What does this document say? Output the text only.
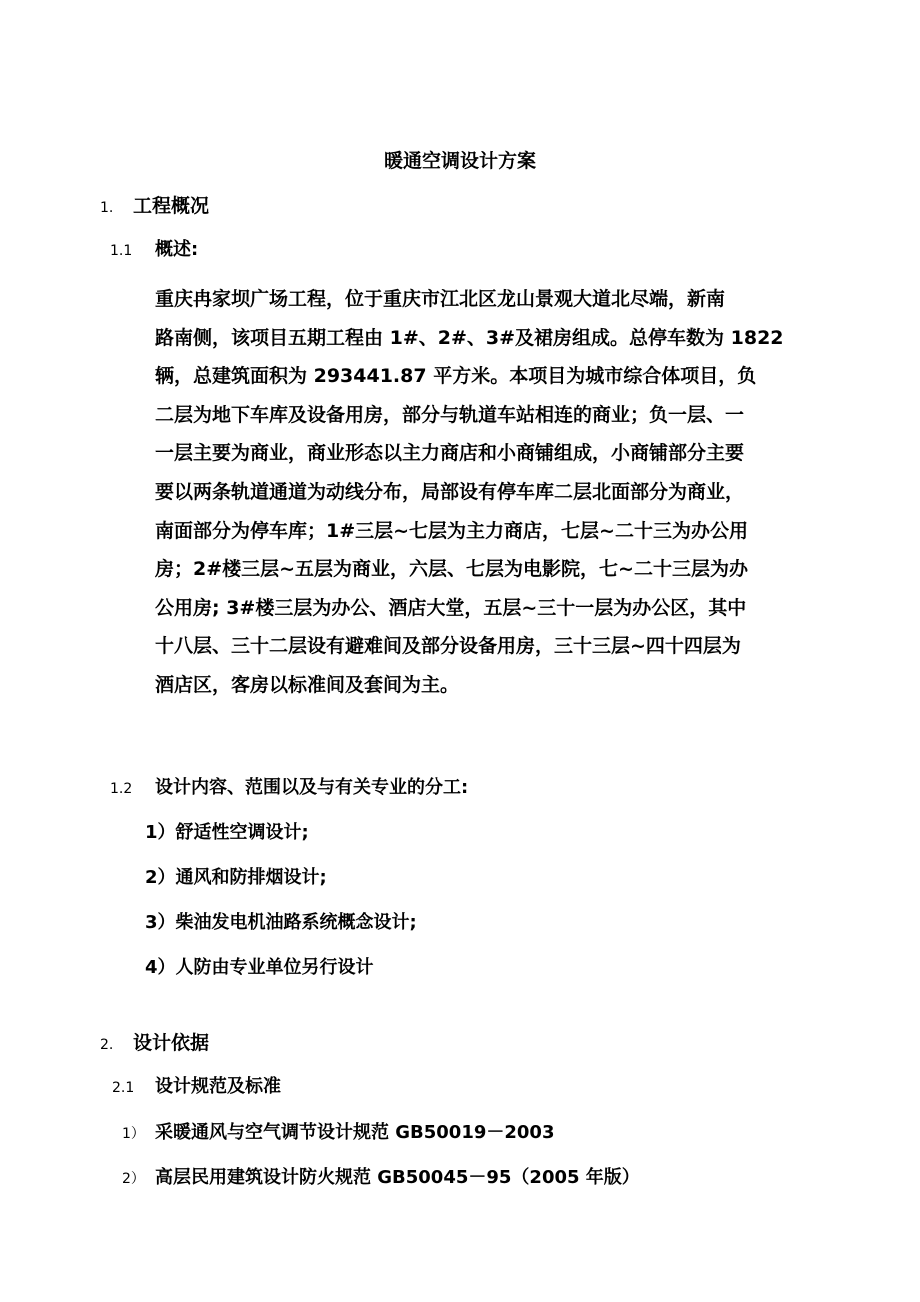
暖通空调设计方案
1. 工程概况
1.1 概述:
重庆冉家坝广场工程，位于重庆市江北区龙山景观大道北尽端，新南
路南侧，该项目五期工程由 1#、2#、3#及裙房组成。总停车数为 1822
辆，总建筑面积为 293441.87 平方米。本项目为城市综合体项目，负
二层为地下车库及设备用房，部分与轨道车站相连的商业；负一层、一
一层主要为商业，商业形态以主力商店和小商铺组成，小商铺部分主要
要以两条轨道通道为动线分布，局部设有停车库二层北面部分为商业，
南面部分为停车库；1#三层~七层为主力商店，七层~二十三为办公用
房；2#楼三层~五层为商业，六层、七层为电影院，七~二十三层为办
公用房; 3#楼三层为办公、酒店大堂，五层~三十一层为办公区，其中
十八层、三十二层设有避难间及部分设备用房，三十三层~四十四层为
酒店区，客房以标准间及套间为主。
1.2 设计内容、范围以及与有关专业的分工:
1）舒适性空调设计;
2）通风和防排烟设计;
3）柴油发电机油路系统概念设计;
4）人防由专业单位另行设计
2. 设计依据
2.1 设计规范及标准
1） 采暖通风与空气调节设计规范 GB50019－2003
2） 高层民用建筑设计防火规范 GB50045－95（2005 年版）
